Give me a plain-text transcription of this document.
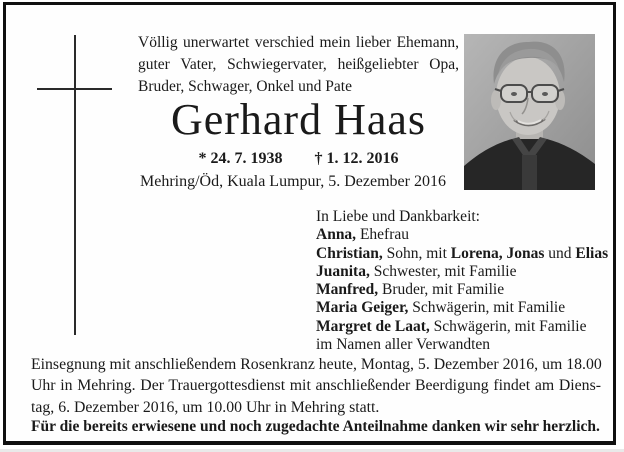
Völlig unerwartet verschied mein lieber Ehemann,
guter Vater, Schwiegervater, heißgeliebter Opa,
Bruder, Schwager, Onkel und Pate
Gerhard Haas
* 24. 7. 1938 † 1. 12. 2016
Mehring/Öd, Kuala Lumpur, 5. Dezember 2016
In Liebe und Dankbarkeit:
Anna, Ehefrau
Christian, Sohn, mit Lorena, Jonas und Elias
Juanita, Schwester, mit Familie
Manfred, Bruder, mit Familie
Maria Geiger, Schwägerin, mit Familie
Margret de Laat, Schwägerin, mit Familie
im Namen aller Verwandten
Einsegnung mit anschließendem Rosenkranz heute, Montag, 5. Dezember 2016, um 18.00
Uhr in Mehring. Der Trauergottesdienst mit anschließender Beerdigung findet am Diens-
tag, 6. Dezember 2016, um 10.00 Uhr in Mehring statt.
Für die bereits erwiesene und noch zugedachte Anteilnahme danken wir sehr herzlich.
